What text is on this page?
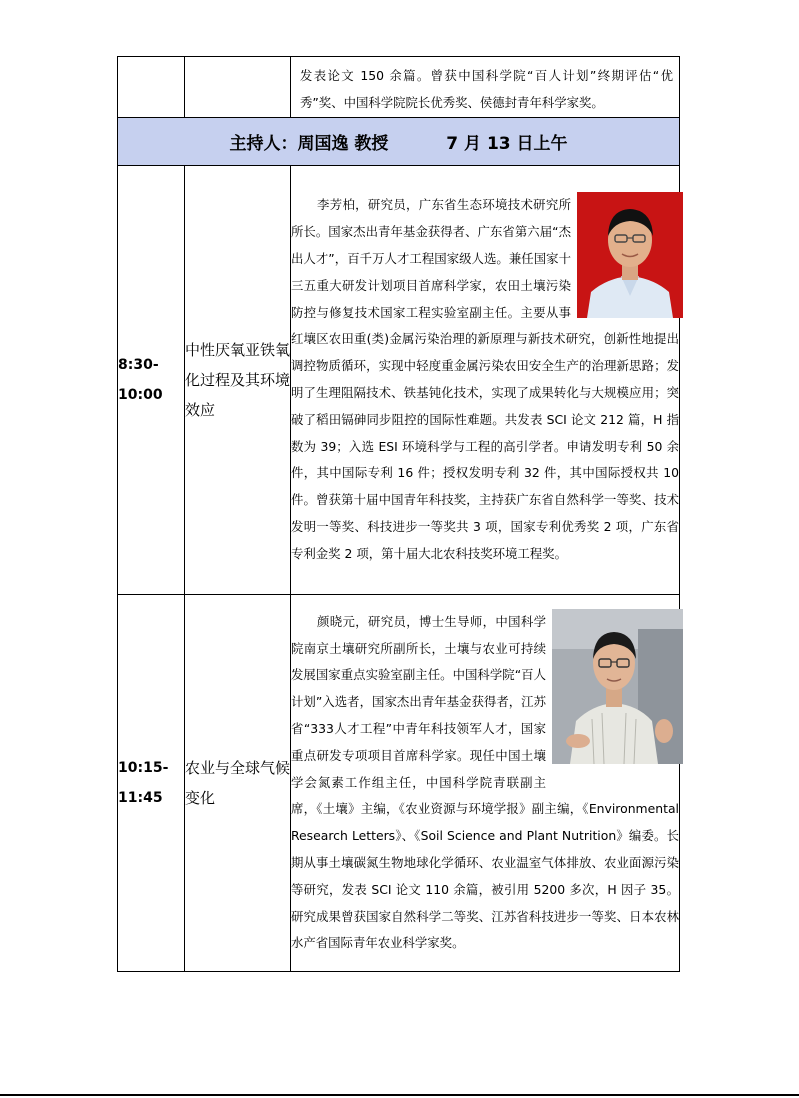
		发表论文 150 余篇。曾获中国科学院“百人计划”终期评估“优秀”奖、中国科学院院长优秀奖、侯德封青年科学家奖。

主持人：周国逸 教授 7 月 13 日上午		

8:30-
10:00	中性厌氧亚铁氧化过程及其环境效应	李芳柏，研究员，广东省生态环境技术研究所所长。国家杰出青年基金获得者、广东省第六届“杰出人才”，百千万人才工程国家级人选。兼任国家十三五重大研发计划项目首席科学家，农田土壤污染防控与修复技术国家工程实验室副主任。主要从事红壤区农田重(类)金属污染治理的新原理与新技术研究，创新性地提出调控物质循环，实现中轻度重金属污染农田安全生产的治理新思路；发明了生理阻隔技术、铁基钝化技术，实现了成果转化与大规模应用；突破了稻田镉砷同步阻控的国际性难题。共发表 SCI 论文 212 篇，H 指数为 39；入选 ESI 环境科学与工程的高引学者。申请发明专利 50 余件，其中国际专利 16 件；授权发明专利 32 件，其中国际授权共 10 件。曾获第十届中国青年科技奖，主持获广东省自然科学一等奖、技术发明一等奖、科技进步一等奖共 3 项，国家专利优秀奖 2 项，广东省专利金奖 2 项，第十届大北农科技奖环境工程奖。

10:15-
11:45	农业与全球气候变化	颜晓元，研究员，博士生导师，中国科学院南京土壤研究所副所长，土壤与农业可持续发展国家重点实验室副主任。中国科学院“百人计划”入选者，国家杰出青年基金获得者，江苏省“333人才工程”中青年科技领军人才，国家重点研发专项项目首席科学家。现任中国土壤学会氮素工作组主任，中国科学院青联副主席，《土壤》主编，《农业资源与环境学报》副主编，《Environmental Research Letters》、《Soil Science and Plant Nutrition》编委。长期从事土壤碳氮生物地球化学循环、农业温室气体排放、农业面源污染等研究，发表 SCI 论文 110 余篇，被引用 5200 多次，H 因子 35。研究成果曾获国家自然科学二等奖、江苏省科技进步一等奖、日本农林水产省国际青年农业科学家奖。
